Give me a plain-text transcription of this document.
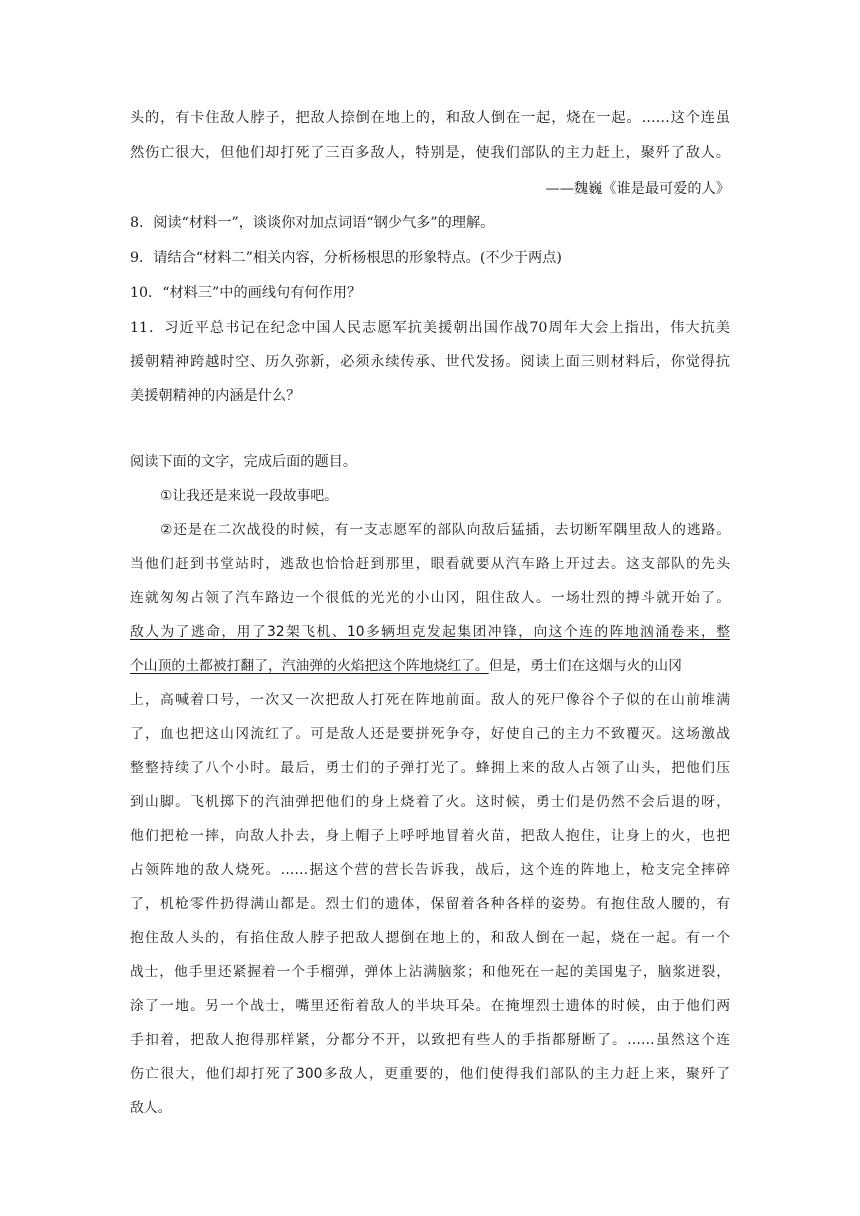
头的，有卡住敌人脖子，把敌人捺倒在地上的，和敌人倒在一起，烧在一起。……这个连虽
然伤亡很大，但他们却打死了三百多敌人，特别是，使我们部队的主力赶上，聚歼了敌人。
——魏巍《谁是最可爱的人》
8．阅读“材料一”，谈谈你对加点词语“钢少气多”的理解。
9．请结合“材料二”相关内容，分析杨根思的形象特点。(不少于两点)
10．“材料三”中的画线句有何作用？
11．习近平总书记在纪念中国人民志愿军抗美援朝出国作战70周年大会上指出，伟大抗美
援朝精神跨越时空、历久弥新，必须永续传承、世代发扬。阅读上面三则材料后，你觉得抗
美援朝精神的内涵是什么？
阅读下面的文字，完成后面的题目。
①让我还是来说一段故事吧。
②还是在二次战役的时候，有一支志愿军的部队向敌后猛插，去切断军隅里敌人的逃路。
当他们赶到书堂站时，逃敌也恰恰赶到那里，眼看就要从汽车路上开过去。这支部队的先头
连就匆匆占领了汽车路边一个很低的光光的小山冈，阻住敌人。一场壮烈的搏斗就开始了。
敌人为了逃命，用了32架飞机、10多辆坦克发起集团冲锋，向这个连的阵地汹涌卷来，整
个山顶的土都被打翻了，汽油弹的火焰把这个阵地烧红了。但是，勇士们在这烟与火的山冈
上，高喊着口号，一次又一次把敌人打死在阵地前面。敌人的死尸像谷个子似的在山前堆满
了，血也把这山冈流红了。可是敌人还是要拼死争夺，好使自己的主力不致覆灭。这场激战
整整持续了八个小时。最后，勇士们的子弹打光了。蜂拥上来的敌人占领了山头，把他们压
到山脚。飞机掷下的汽油弹把他们的身上烧着了火。这时候，勇士们是仍然不会后退的呀，
他们把枪一摔，向敌人扑去，身上帽子上呼呼地冒着火苗，把敌人抱住，让身上的火，也把
占领阵地的敌人烧死。……据这个营的营长告诉我，战后，这个连的阵地上，枪支完全摔碎
了，机枪零件扔得满山都是。烈士们的遗体，保留着各种各样的姿势。有抱住敌人腰的，有
抱住敌人头的，有掐住敌人脖子把敌人摁倒在地上的，和敌人倒在一起，烧在一起。有一个
战士，他手里还紧握着一个手榴弹，弹体上沾满脑浆；和他死在一起的美国鬼子，脑浆迸裂，
涂了一地。另一个战士，嘴里还衔着敌人的半块耳朵。在掩埋烈士遗体的时候，由于他们两
手扣着，把敌人抱得那样紧，分都分不开，以致把有些人的手指都掰断了。……虽然这个连
伤亡很大，他们却打死了300多敌人，更重要的，他们使得我们部队的主力赶上来，聚歼了
敌人。
